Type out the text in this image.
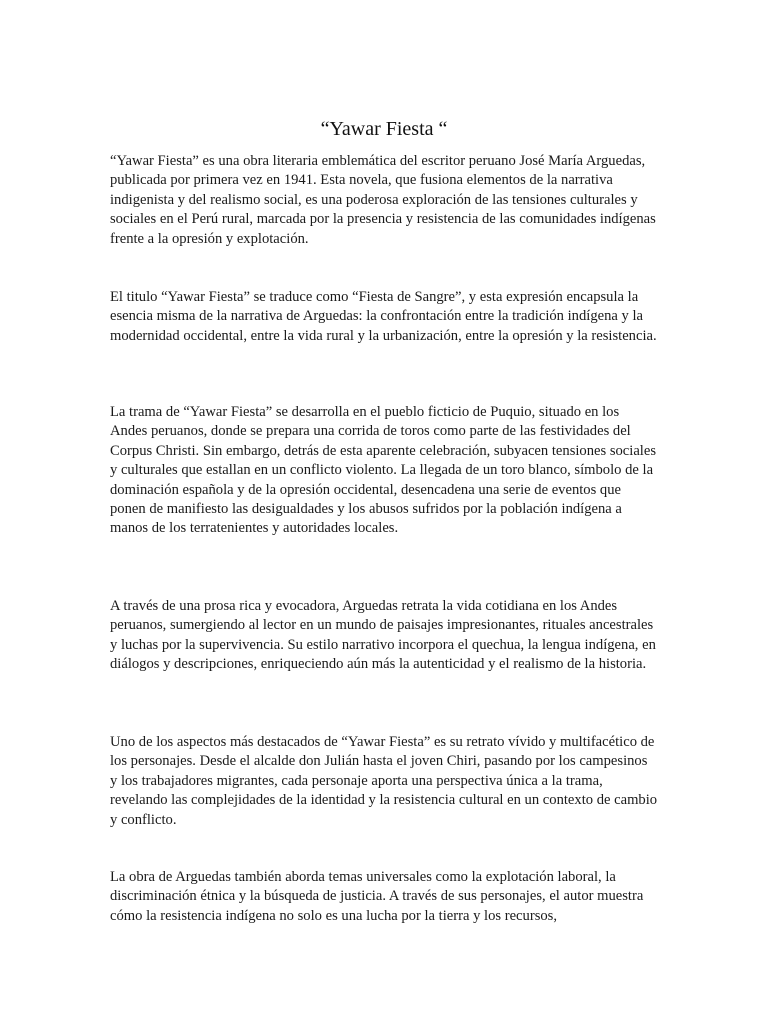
“Yawar Fiesta “

“Yawar Fiesta” es una obra literaria emblemática del escritor peruano José María Arguedas, publicada por primera vez en 1941. Esta novela, que fusiona elementos de la narrativa indigenista y del realismo social, es una poderosa exploración de las tensiones culturales y sociales en el Perú rural, marcada por la presencia y resistencia de las comunidades indígenas frente a la opresión y explotación.

El titulo “Yawar Fiesta” se traduce como “Fiesta de Sangre”, y esta expresión encapsula la esencia misma de la narrativa de Arguedas: la confrontación entre la tradición indígena y la modernidad occidental, entre la vida rural y la urbanización, entre la opresión y la resistencia.

La trama de “Yawar Fiesta” se desarrolla en el pueblo ficticio de Puquio, situado en los Andes peruanos, donde se prepara una corrida de toros como parte de las festividades del Corpus Christi. Sin embargo, detrás de esta aparente celebración, subyacen tensiones sociales y culturales que estallan en un conflicto violento. La llegada de un toro blanco, símbolo de la dominación española y de la opresión occidental, desencadena una serie de eventos que ponen de manifiesto las desigualdades y los abusos sufridos por la población indígena a manos de los terratenientes y autoridades locales.

A través de una prosa rica y evocadora, Arguedas retrata la vida cotidiana en los Andes peruanos, sumergiendo al lector en un mundo de paisajes impresionantes, rituales ancestrales y luchas por la supervivencia. Su estilo narrativo incorpora el quechua, la lengua indígena, en diálogos y descripciones, enriqueciendo aún más la autenticidad y el realismo de la historia.

Uno de los aspectos más destacados de “Yawar Fiesta” es su retrato vívido y multifacético de los personajes. Desde el alcalde don Julián hasta el joven Chiri, pasando por los campesinos y los trabajadores migrantes, cada personaje aporta una perspectiva única a la trama, revelando las complejidades de la identidad y la resistencia cultural en un contexto de cambio y conflicto.

La obra de Arguedas también aborda temas universales como la explotación laboral, la discriminación étnica y la búsqueda de justicia. A través de sus personajes, el autor muestra cómo la resistencia indígena no solo es una lucha por la tierra y los recursos,
